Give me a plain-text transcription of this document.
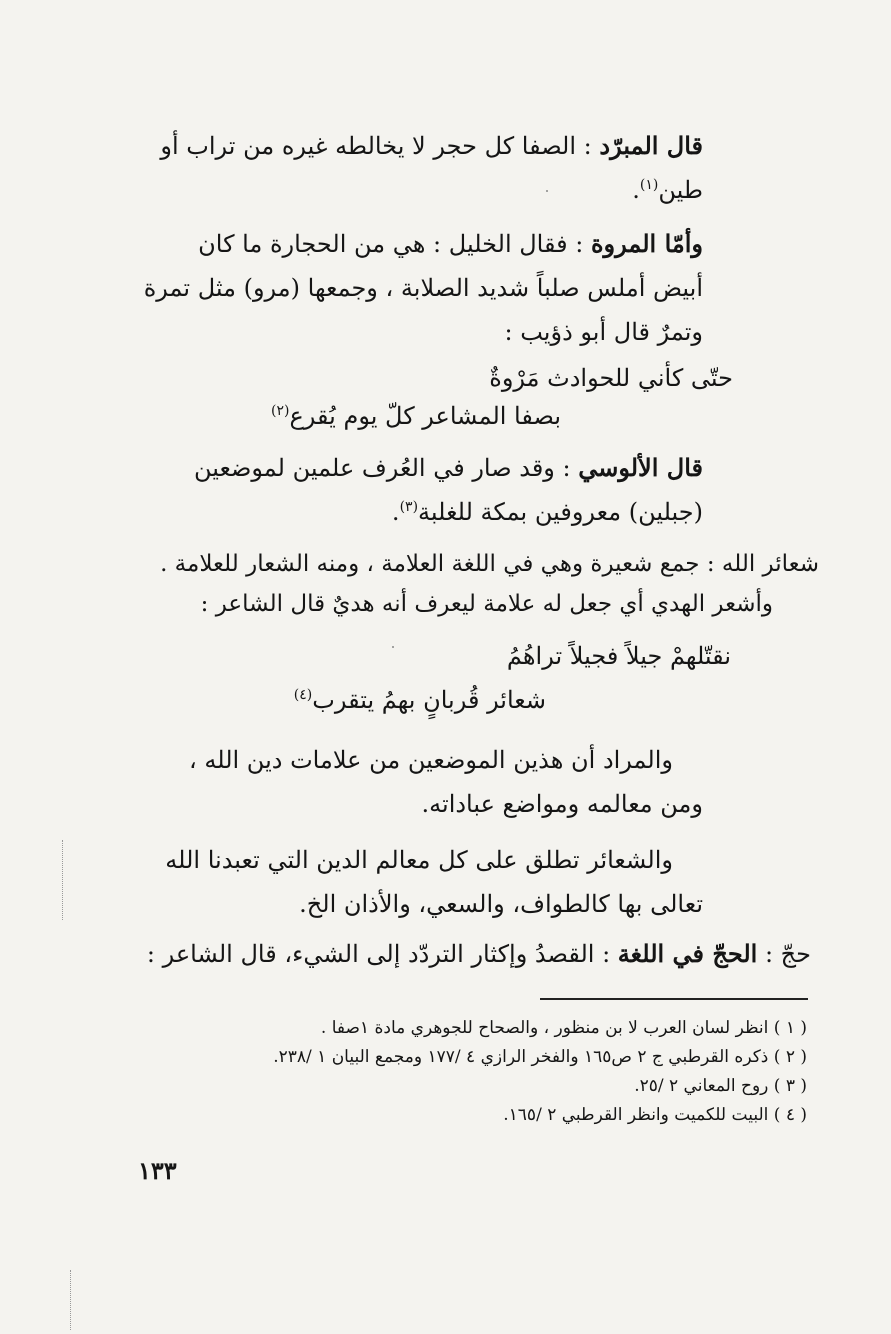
قال المبرّد : الصفا كل حجر لا يخالطه غيره من تراب أو طين$^{(١)}$.

وأمّا المروة : فقال الخليل : هي من الحجارة ما كان أبيض أملس صلباً شديد الصلابة ، وجمعها (مرو) مثل تمرة وتمرٌ قال أبو ذؤيب :

حتّى كأني للحوادث مَرْوةٌ
بصفا المشاعر كلّ يوم يُقرع$^{(٢)}$

قال الألوسي : وقد صار في العُرف علمين لموضعين (جبلين) معروفين بمكة للغلبة$^{(٣)}$.

شعائر الله : جمع شعيرة وهي في اللغة العلامة ، ومنه الشعار للعلامة .
وأشعر الهدي أي جعل له علامة ليعرف أنه هديٌ قال الشاعر :
نقتّلهمْ جيلاً فجيلاً تراهُمُ
شعائر قُربانٍ بهمُ يتقرب$^{(٤)}$

والمراد أن هذين الموضعين من علامات دين الله ، ومن معالمه ومواضع عباداته.

والشعائر تطلق على كل معالم الدين التي تعبدنا الله تعالى بها كالطواف، والسعي، والأذان الخ.

حجّ : الحجّ في اللغة : القصدُ وإكثار التردّد إلى الشيء، قال الشاعر :
( ١ ) انظر لسان العرب لا بن منظور ، والصحاح للجوهري مادة ١صفا .
( ٢ ) ذكره القرطبي ج ٢ ص١٦٥ والفخر الرازي ٤ /١٧٧ ومجمع البيان ١ /٢٣٨.
( ٣ ) روح المعاني ٢ /٢٥.
( ٤ ) البيت للكميت وانظر القرطبي ٢ /١٦٥.
١٣٣
